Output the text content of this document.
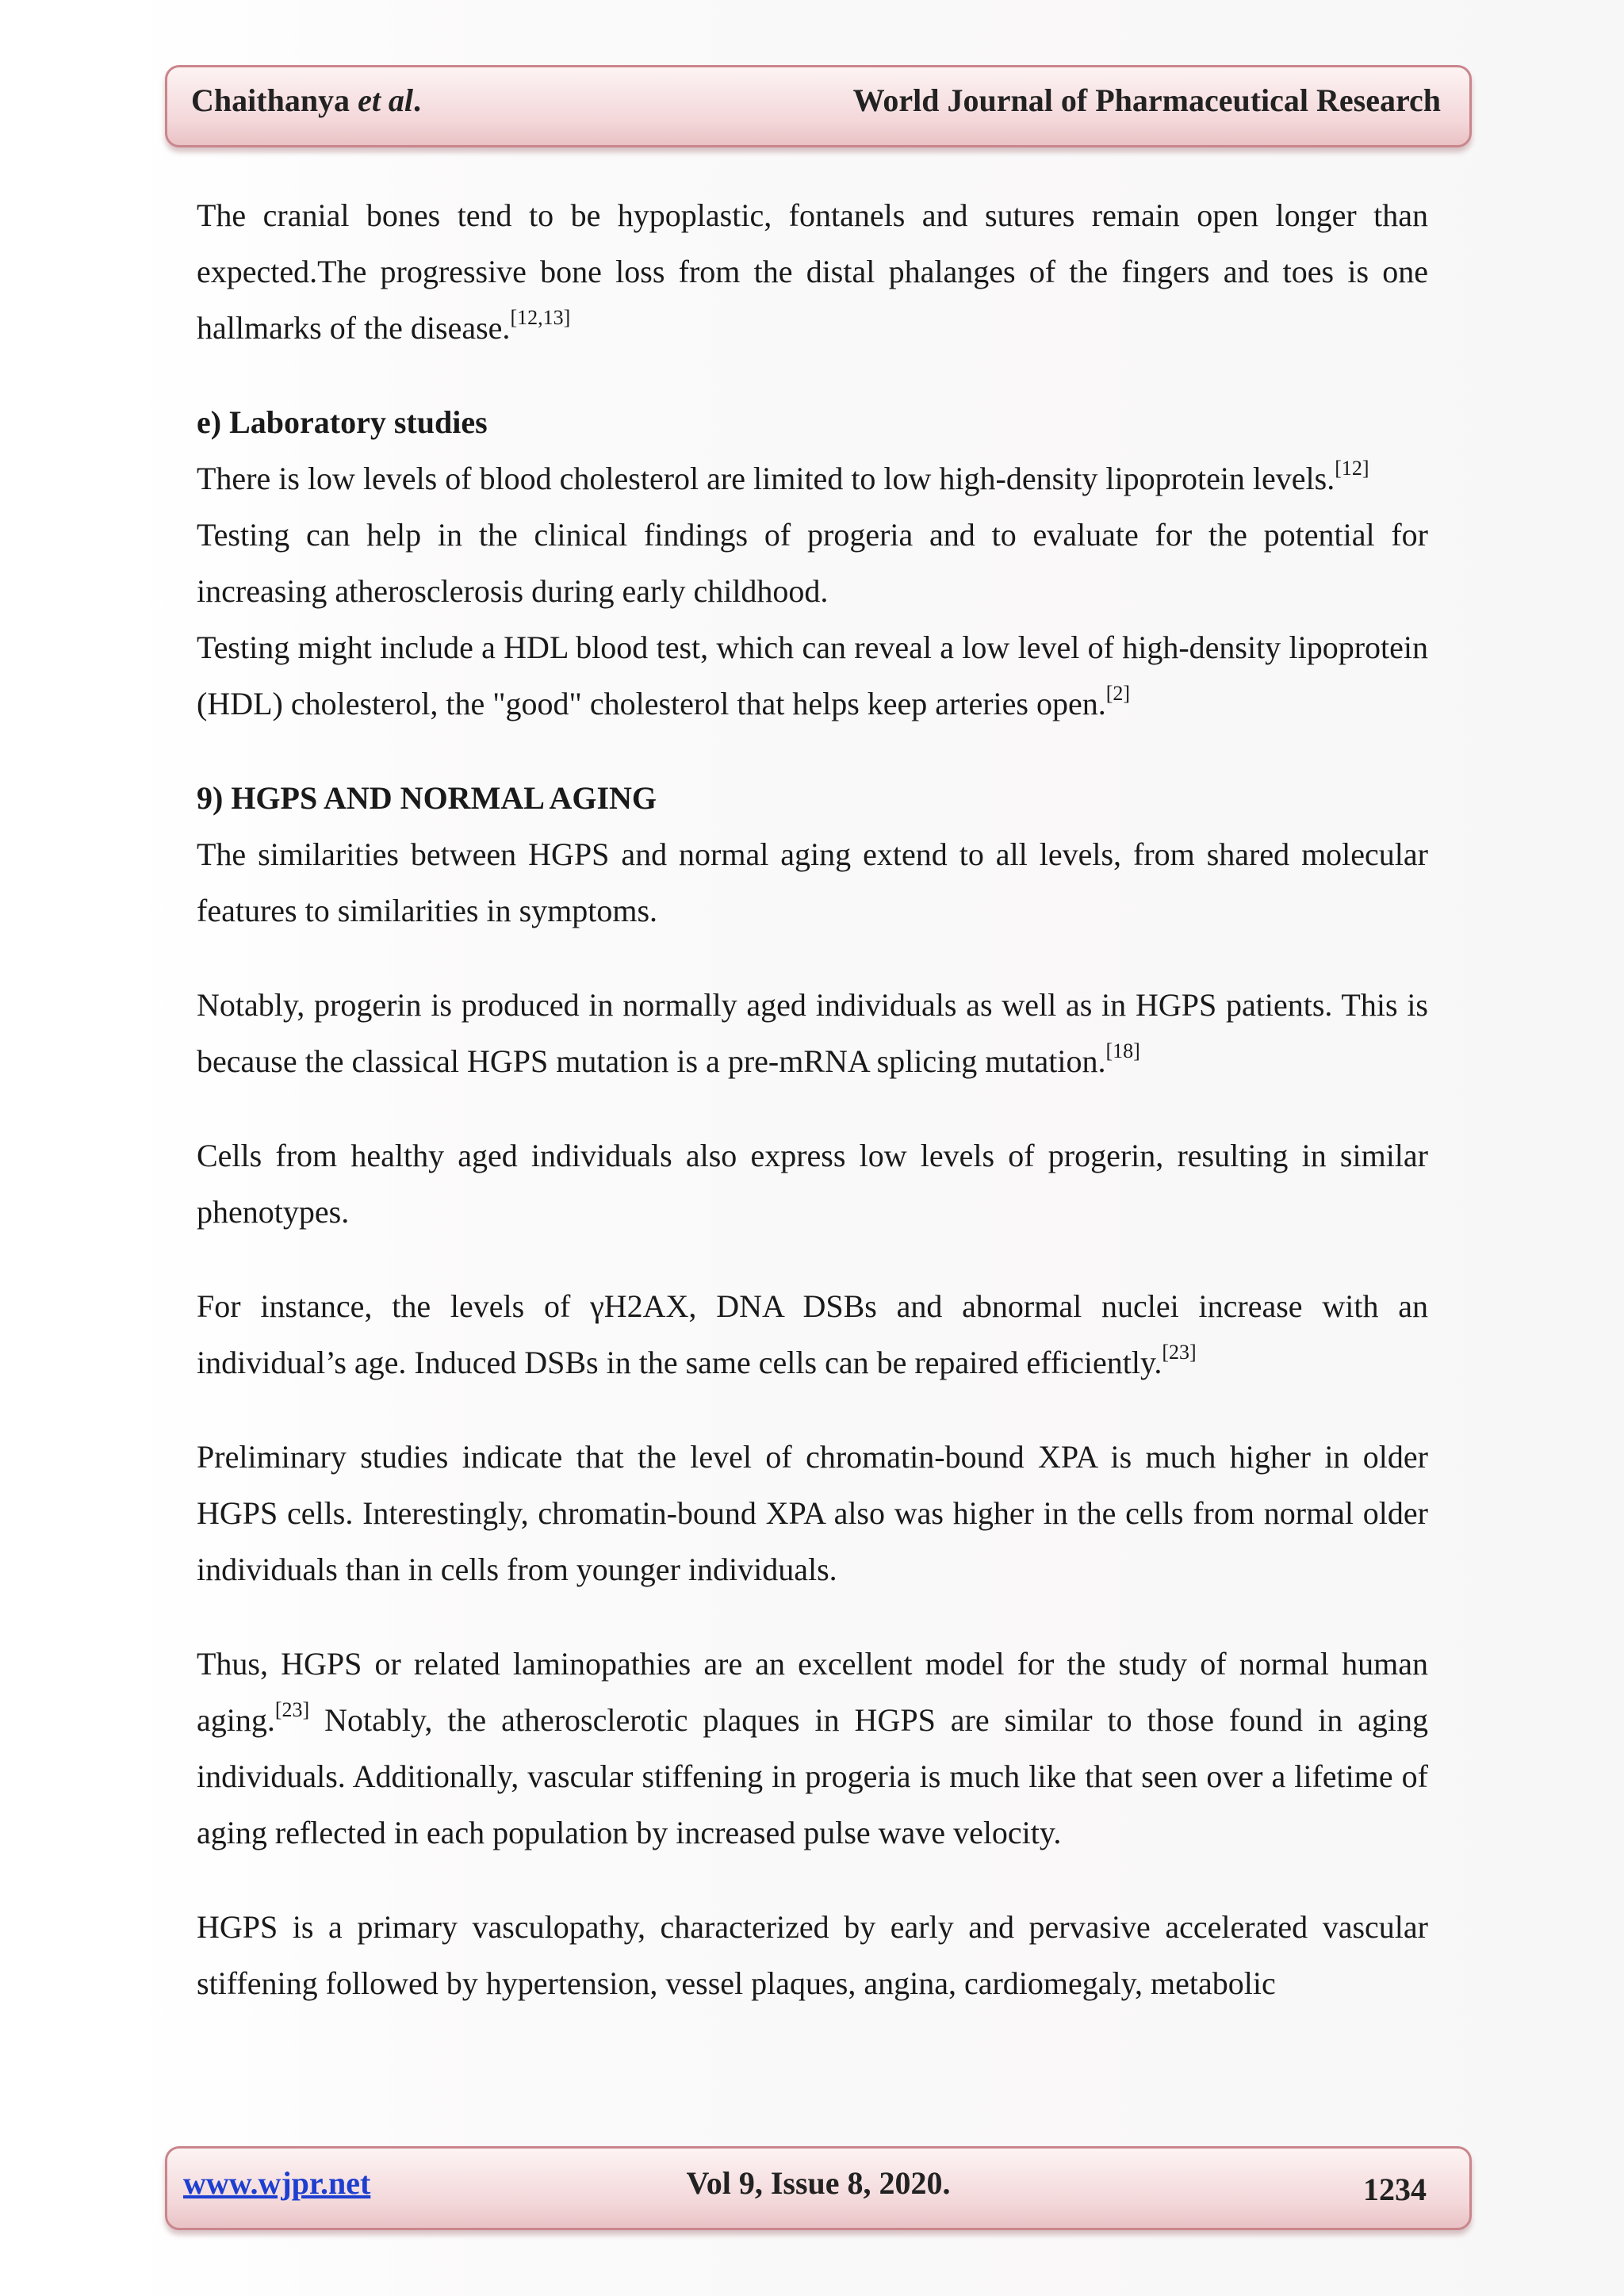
Chaithanya et al.	World Journal of Pharmaceutical Research

The cranial bones tend to be hypoplastic, fontanels and sutures remain open longer than expected.The progressive bone loss from the distal phalanges of the fingers and toes is one hallmarks of the disease.[12,13]

e) Laboratory studies

There is low levels of blood cholesterol are limited to low high-density lipoprotein levels.[12]

Testing can help in the clinical findings of progeria and to evaluate for the potential for increasing atherosclerosis during early childhood.

Testing might include a HDL blood test, which can reveal a low level of high-density lipoprotein (HDL) cholesterol, the "good" cholesterol that helps keep arteries open.[2]

9) HGPS AND NORMAL AGING

The similarities between HGPS and normal aging extend to all levels, from shared molecular features to similarities in symptoms.

Notably, progerin is produced in normally aged individuals as well as in HGPS patients. This is because the classical HGPS mutation is a pre-mRNA splicing mutation.[18]

Cells from healthy aged individuals also express low levels of progerin, resulting in similar phenotypes.

For instance, the levels of γH2AX, DNA DSBs and abnormal nuclei increase with an individual’s age. Induced DSBs in the same cells can be repaired efficiently.[23]

Preliminary studies indicate that the level of chromatin-bound XPA is much higher in older HGPS cells. Interestingly, chromatin-bound XPA also was higher in the cells from normal older individuals than in cells from younger individuals.

Thus, HGPS or related laminopathies are an excellent model for the study of normal human aging.[23] Notably, the atherosclerotic plaques in HGPS are similar to those found in aging individuals. Additionally, vascular stiffening in progeria is much like that seen over a lifetime of aging reflected in each population by increased pulse wave velocity.

HGPS is a primary vasculopathy, characterized by early and pervasive accelerated vascular stiffening followed by hypertension, vessel plaques, angina, cardiomegaly, metabolic

www.wjpr.net	Vol 9, Issue 8, 2020.	1234
